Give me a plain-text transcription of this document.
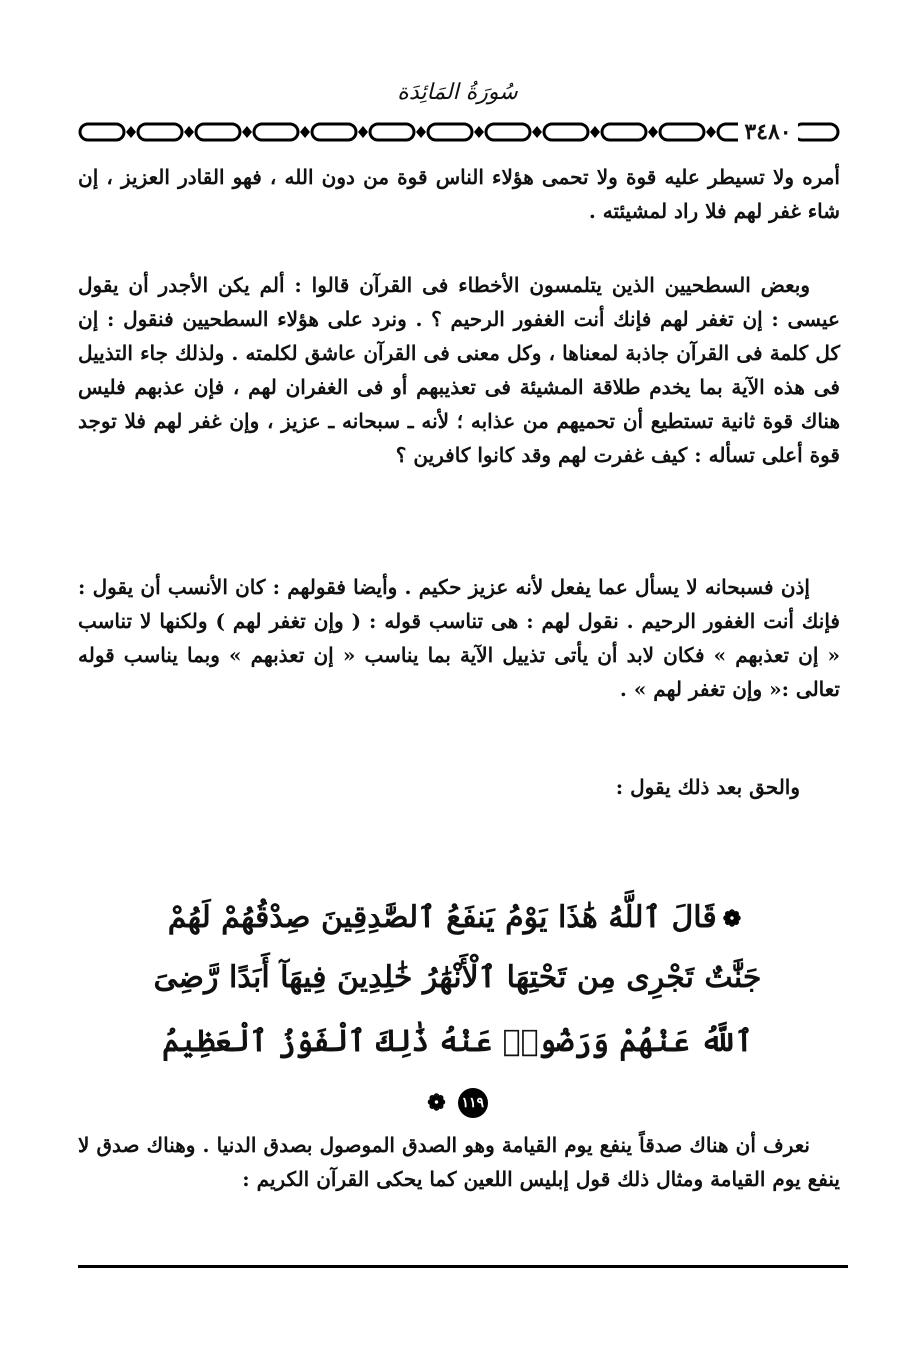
سُورَةُ المَائِدَة
٣٤٨٠
أمره ولا تسيطر عليه قوة ولا تحمى هؤلاء الناس قوة من دون الله ، فهو القادر العزيز ، إن شاء غفر لهم فلا راد لمشيئته .
وبعض السطحيين الذين يتلمسون الأخطاء فى القرآن قالوا : ألم يكن الأجدر أن يقول عيسى : إن تغفر لهم فإنك أنت الغفور الرحيم ؟ . ونرد على هؤلاء السطحيين فنقول : إن كل كلمة فى القرآن جاذبة لمعناها ، وكل معنى فى القرآن عاشق لكلمته . ولذلك جاء التذييل فى هذه الآية بما يخدم طلاقة المشيئة فى تعذيبهم أو فى الغفران لهم ، فإن عذبهم فليس هناك قوة ثانية تستطيع أن تحميهم من عذابه ؛ لأنه ـ سبحانه ـ عزيز ، وإن غفر لهم فلا توجد قوة أعلى تسأله : كيف غفرت لهم وقد كانوا كافرين ؟
إذن فسبحانه لا يسأل عما يفعل لأنه عزيز حكيم . وأيضا فقولهم : كان الأنسب أن يقول : فإنك أنت الغفور الرحيم . نقول لهم : هى تناسب قوله : ( وإن تغفر لهم ) ولكنها لا تناسب « إن تعذبهم » فكان لابد أن يأتى تذييل الآية بما يناسب « إن تعذبهم » وبما يناسب قوله تعالى :« وإن تغفر لهم » .
والحق بعد ذلك يقول :
❁قَالَ ٱللَّهُ هَٰذَا يَوْمُ يَنفَعُ ٱلصَّٰدِقِينَ صِدْقُهُمْ لَهُمْ
جَنَّٰتٌ تَجْرِى مِن تَحْتِهَا ٱلْأَنْهَٰرُ خَٰلِدِينَ فِيهَآ أَبَدًا رَّضِىَ
ٱللَّهُ عَنْهُمْ وَرَضُوا۟ عَنْهُ ذَٰلِكَ ٱلْفَوْزُ ٱلْعَظِيمُ١١٩❁
نعرف أن هناك صدقاً ينفع يوم القيامة وهو الصدق الموصول بصدق الدنيا . وهناك صدق لا ينفع يوم القيامة ومثال ذلك قول إبليس اللعين كما يحكى القرآن الكريم :
